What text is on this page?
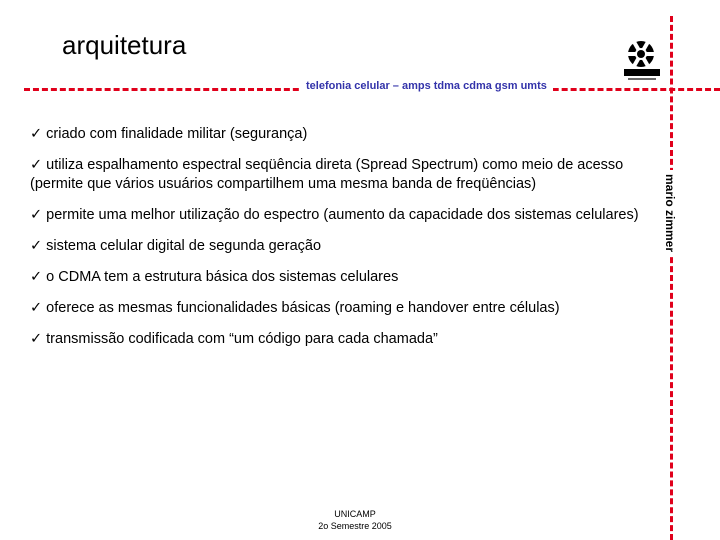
arquitetura
telefonia celular – amps tdma cdma gsm umts
mario zimmer
✓ criado com finalidade militar (segurança)
✓ utiliza espalhamento espectral seqüência direta (Spread Spectrum) como meio de acesso (permite que vários usuários compartilhem uma mesma banda de freqüências)
✓ permite uma melhor utilização do espectro (aumento da capacidade dos sistemas celulares)
✓ sistema celular digital de segunda geração
✓ o CDMA tem a estrutura básica dos sistemas celulares
✓ oferece as mesmas funcionalidades básicas (roaming e handover entre células)
✓ transmissão codificada com “um código para cada chamada”
UNICAMP
2o Semestre 2005
